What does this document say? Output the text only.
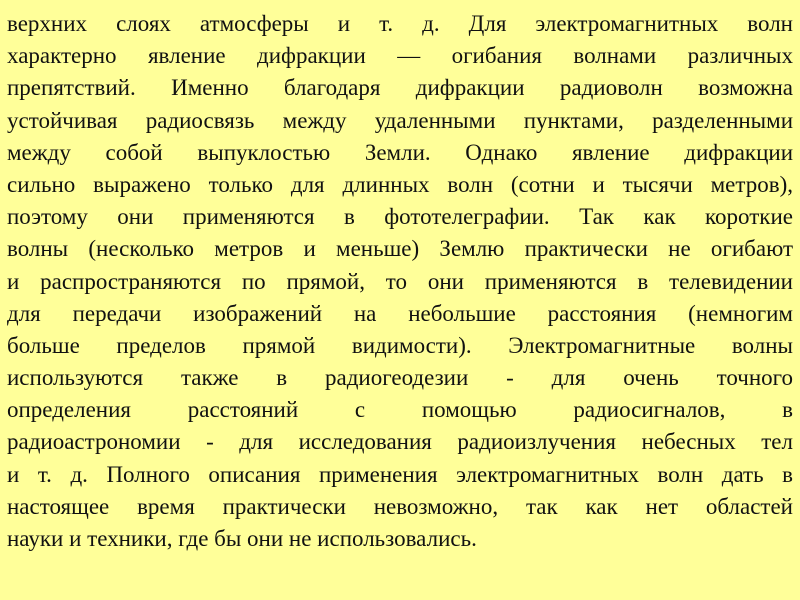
верхних слоях атмосферы и т. д. Для электромагнитных волн
характерно явление дифракции — огибания волнами различных
препятствий. Именно благодаря дифракции радиоволн возможна
устойчивая радиосвязь между удаленными пунктами, разделенными
между собой выпуклостью Земли. Однако явление дифракции
сильно выражено только для длинных волн (сотни и тысячи метров),
поэтому они применяются в фототелеграфии. Так как короткие
волны (несколько метров и меньше) Землю практически не огибают
и распространяются по прямой, то они применяются в телевидении
для передачи изображений на небольшие расстояния (немногим
больше пределов прямой видимости). Электромагнитные волны
используются также в радиогеодезии - для очень точного
определения расстояний с помощью радиосигналов, в
радиоастрономии - для исследования радиоизлучения небесных тел
и т. д. Полного описания применения электромагнитных волн дать в
настоящее время практически невозможно, так как нет областей
науки и техники, где бы они не использовались.
